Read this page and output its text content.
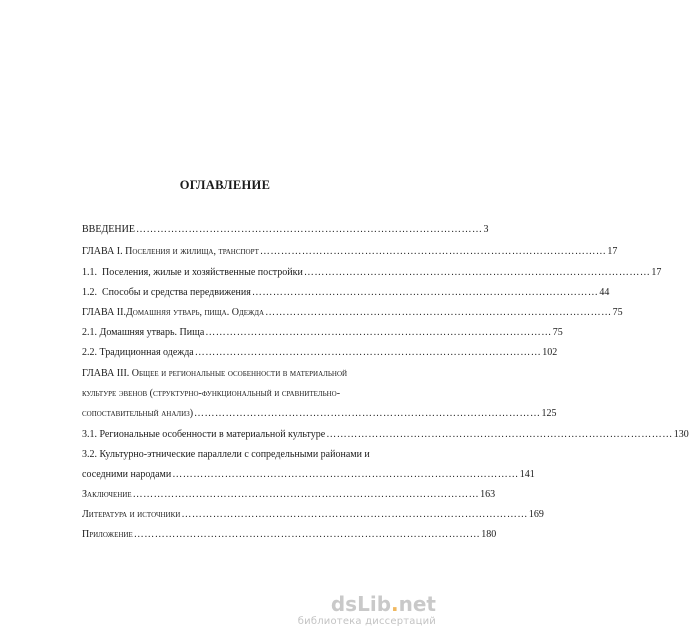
ОГЛАВЛЕНИЕ
ВВЕДЕНИЕ ……………………………………………………………………………………… 3
ГЛАВА I. Поселения и жилища, транспорт ……………………………………………………………………………………… 17
1.1. Поселения, жилые и хозяйственные постройки ……………………………………………………………………………………… 17
1.2. Способы и средства передвижения ……………………………………………………………………………………… 44
ГЛАВА II.Домашняя утварь, пища. Одежда ……………………………………………………………………………………… 75
2.1. Домашняя утварь. Пища ……………………………………………………………………………………… 75
2.2. Традиционная одежда ……………………………………………………………………………………… 102
ГЛАВА III. Общее и региональные особенности в материальной
культуре эвенов (структурно-функциональный и сравнительно-
сопоставительный анализ) ……………………………………………………………………………………… 125
3.1. Региональные особенности в материальной культуре ……………………………………………………………………………………… 130
3.2. Культурно-этнические параллели с сопредельными районами и
соседними народами ……………………………………………………………………………………… 141
Заключение ……………………………………………………………………………………… 163
Литература и источники ……………………………………………………………………………………… 169
Приложение ……………………………………………………………………………………… 180
dsLib.net
библиотека диссертаций
